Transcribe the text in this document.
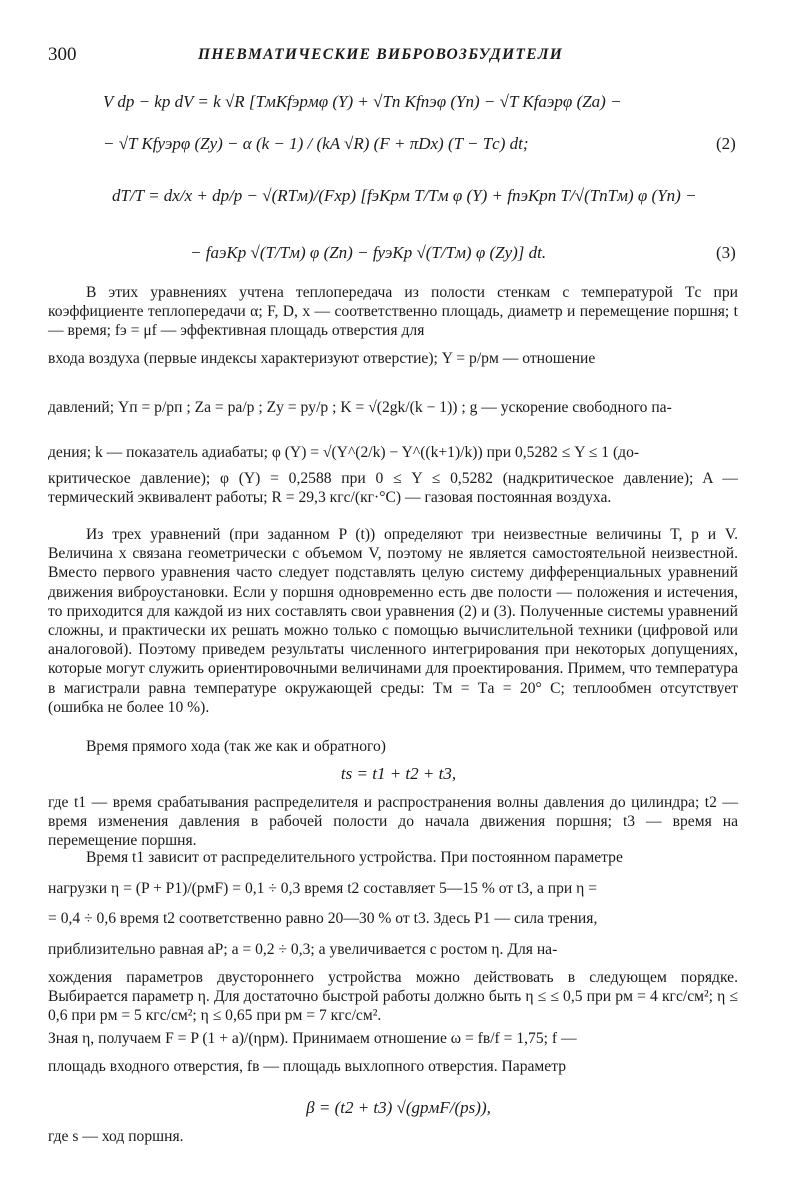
300	ПНЕВМАТИЧЕСКИЕ ВИБРОВОЗБУДИТЕЛИ
V dp − kp dV = k √R [TмKfэpмφ (Y) + √Tп Kfпэφ (Yп) − √T Kfаэpφ (Zа) −
− √T Kfуэpφ (Zу) − α (k − 1) / (kA √R) (F + πDx) (T − Tс) dt;	(2)
dT/T = dx/x + dp/p − √(RTм)/(Fxp) [fэKpм T/Tм φ (Y) + fпэKpп T/√(TпTм) φ (Yп) −
− fаэKp √(T/Tм) φ (Zп) − fуэKp √(T/Tм) φ (Zу)] dt.	(3)
В этих уравнениях учтена теплопередача из полости стенкам с температурой Tс при коэффициенте теплопередачи α; F, D, x — соответственно площадь, диаметр и перемещение поршня; t — время; fэ = μf — эффективная площадь отверстия для
входа воздуха (первые индексы характеризуют отверстие); Y = p/pм — отношение
давлений; Yп = p/pп ; Zа = pа/p ; Zу = pу/p ; K = √(2gk/(k − 1)) ; g — ускорение свободного па-
дения; k — показатель адиабаты; φ (Y) = √(Y^(2/k) − Y^((k+1)/k)) при 0,5282 ≤ Y ≤ 1 (до-
критическое давление); φ (Y) = 0,2588 при 0 ≤ Y ≤ 0,5282 (надкритическое давление); A — термический эквивалент работы; R = 29,3 кгс/(кг·°C) — газовая постоянная воздуха.
Из трех уравнений (при заданном P (t)) определяют три неизвестные величины T, p и V. Величина x связана геометрически с объемом V, поэтому не является самостоятельной неизвестной. Вместо первого уравнения часто следует подставлять целую систему дифференциальных уравнений движения виброустановки. Если у поршня одновременно есть две полости — положения и истечения, то приходится для каждой из них составлять свои уравнения (2) и (3). Полученные системы уравнений сложны, и практически их решать можно только с помощью вычислительной техники (цифровой или аналоговой). Поэтому приведем результаты численного интегрирования при некоторых допущениях, которые могут служить ориентировочными величинами для проектирования. Примем, что температура в магистрали равна температуре окружающей среды: Tм = Tа = 20° C; теплообмен отсутствует (ошибка не более 10 %).
Время прямого хода (так же как и обратного)
ts = t1 + t2 + t3,
где t1 — время срабатывания распределителя и распространения волны давления до цилиндра; t2 — время изменения давления в рабочей полости до начала движения поршня; t3 — время на перемещение поршня.
Время t1 зависит от распределительного устройства. При постоянном параметре
нагрузки η = (P + P1)/(pмF) = 0,1 ÷ 0,3 время t2 составляет 5—15 % от t3, а при η =
= 0,4 ÷ 0,6 время t2 соответственно равно 20—30 % от t3. Здесь P1 — сила трения,
приблизительно равная aP; a = 0,2 ÷ 0,3; a увеличивается с ростом η. Для на-
хождения параметров двустороннего устройства можно действовать в следующем порядке. Выбирается параметр η. Для достаточно быстрой работы должно быть η ≤ ≤ 0,5 при pм = 4 кгс/см²; η ≤ 0,6 при pм = 5 кгс/см²; η ≤ 0,65 при pм = 7 кгс/см².
Зная η, получаем F = P (1 + a)/(ηpм). Принимаем отношение ω = fв/f = 1,75; f —
площадь входного отверстия, fв — площадь выхлопного отверстия. Параметр
β = (t2 + t3) √(gpмF/(ps)),
где s — ход поршня.
